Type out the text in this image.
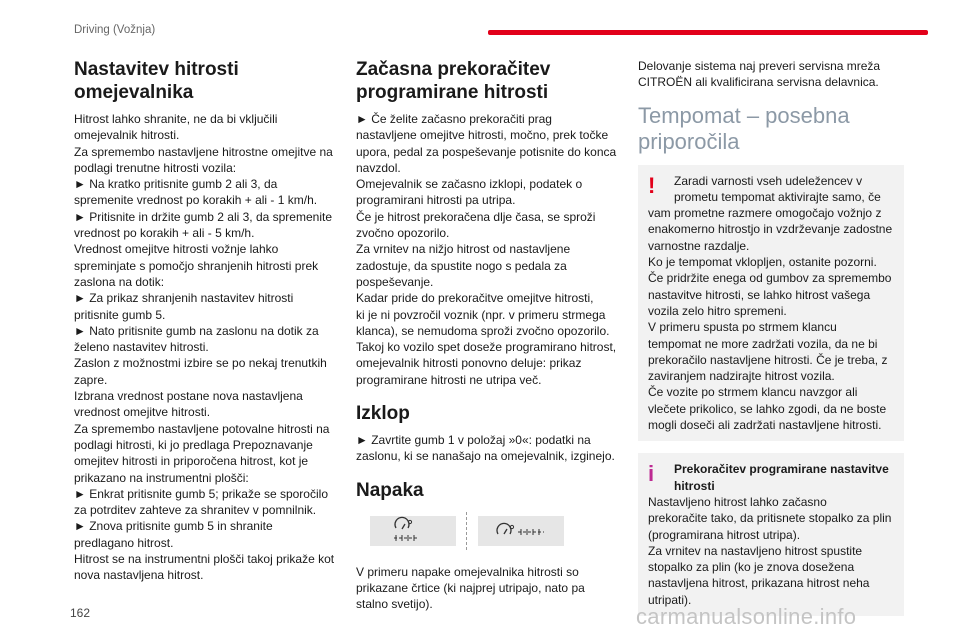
Driving (Vožnja)
Nastavitev hitrosti omejevalnika
Hitrost lahko shranite, ne da bi vključili
omejevalnik hitrosti.
Za spremembo nastavljene hitrostne omejitve na
podlagi trenutne hitrosti vozila:
► Na kratko pritisnite gumb 2 ali 3, da
spremenite vrednost po korakih + ali - 1 km/h.
► Pritisnite in držite gumb 2 ali 3, da spremenite
vrednost po korakih + ali - 5 km/h.
Vrednost omejitve hitrosti vožnje lahko
spreminjate s pomočjo shranjenih hitrosti prek
zaslona na dotik:
► Za prikaz shranjenih nastavitev hitrosti
pritisnite gumb 5.
► Nato pritisnite gumb na zaslonu na dotik za
želeno nastavitev hitrosti.
Zaslon z možnostmi izbire se po nekaj trenutkih
zapre.
Izbrana vrednost postane nova nastavljena
vrednost omejitve hitrosti.
Za spremembo nastavljene potovalne hitrosti na
podlagi hitrosti, ki jo predlaga Prepoznavanje
omejitev hitrosti in priporočena hitrost, kot je
prikazano na instrumentni plošči:
► Enkrat pritisnite gumb 5; prikaže se sporočilo
za potrditev zahteve za shranitev v pomnilnik.
► Znova pritisnite gumb 5 in shranite
predlagano hitrost.
Hitrost se na instrumentni plošči takoj prikaže kot
nova nastavljena hitrost.
Začasna prekoračitev programirane hitrosti
► Če želite začasno prekoračiti prag
nastavljene omejitve hitrosti, močno, prek točke
upora, pedal za pospeševanje potisnite do konca
navzdol.
Omejevalnik se začasno izklopi, podatek o
programirani hitrosti pa utripa.
Če je hitrost prekoračena dlje časa, se sproži
zvočno opozorilo.
Za vrnitev na nižjo hitrost od nastavljene
zadostuje, da spustite nogo s pedala za
pospeševanje.
Kadar pride do prekoračitve omejitve hitrosti,
ki je ni povzročil voznik (npr. v primeru strmega
klanca), se nemudoma sproži zvočno opozorilo.
Takoj ko vozilo spet doseže programirano hitrost,
omejevalnik hitrosti ponovno deluje: prikaz
programirane hitrosti ne utripa več.
Izklop
► Zavrtite gumb 1 v položaj »0«: podatki na
zaslonu, ki se nanašajo na omejevalnik, izginejo.
Napaka
V primeru napake omejevalnika hitrosti so
prikazane črtice (ki najprej utripajo, nato pa
stalno svetijo).
Delovanje sistema naj preveri servisna mreža
CITROËN ali kvalificirana servisna delavnica.
Tempomat – posebna priporočila
!	Zaradi varnosti vseh udeležencev v
prometu tempomat aktivirajte samo, če
vam prometne razmere omogočajo vožnjo z
enakomerno hitrostjo in vzdrževanje zadostne
varnostne razdalje.
Ko je tempomat vklopljen, ostanite pozorni.
Če pridržite enega od gumbov za spremembo
nastavitve hitrosti, se lahko hitrost vašega
vozila zelo hitro spremeni.
V primeru spusta po strmem klancu
tempomat ne more zadržati vozila, da ne bi
prekoračilo nastavljene hitrosti. Če je treba, z
zaviranjem nadzirajte hitrost vozila.
Če vozite po strmem klancu navzgor ali
vlečete prikolico, se lahko zgodi, da ne boste
mogli doseči ali zadržati nastavljene hitrosti.
i	Prekoračitev programirane nastavitve
hitrosti
Nastavljeno hitrost lahko začasno
prekoračite tako, da pritisnete stopalko za plin
(programirana hitrost utripa).
Za vrnitev na nastavljeno hitrost spustite
stopalko za plin (ko je znova dosežena
nastavljena hitrost, prikazana hitrost neha
utripati).
162	carmanualsonline.info
